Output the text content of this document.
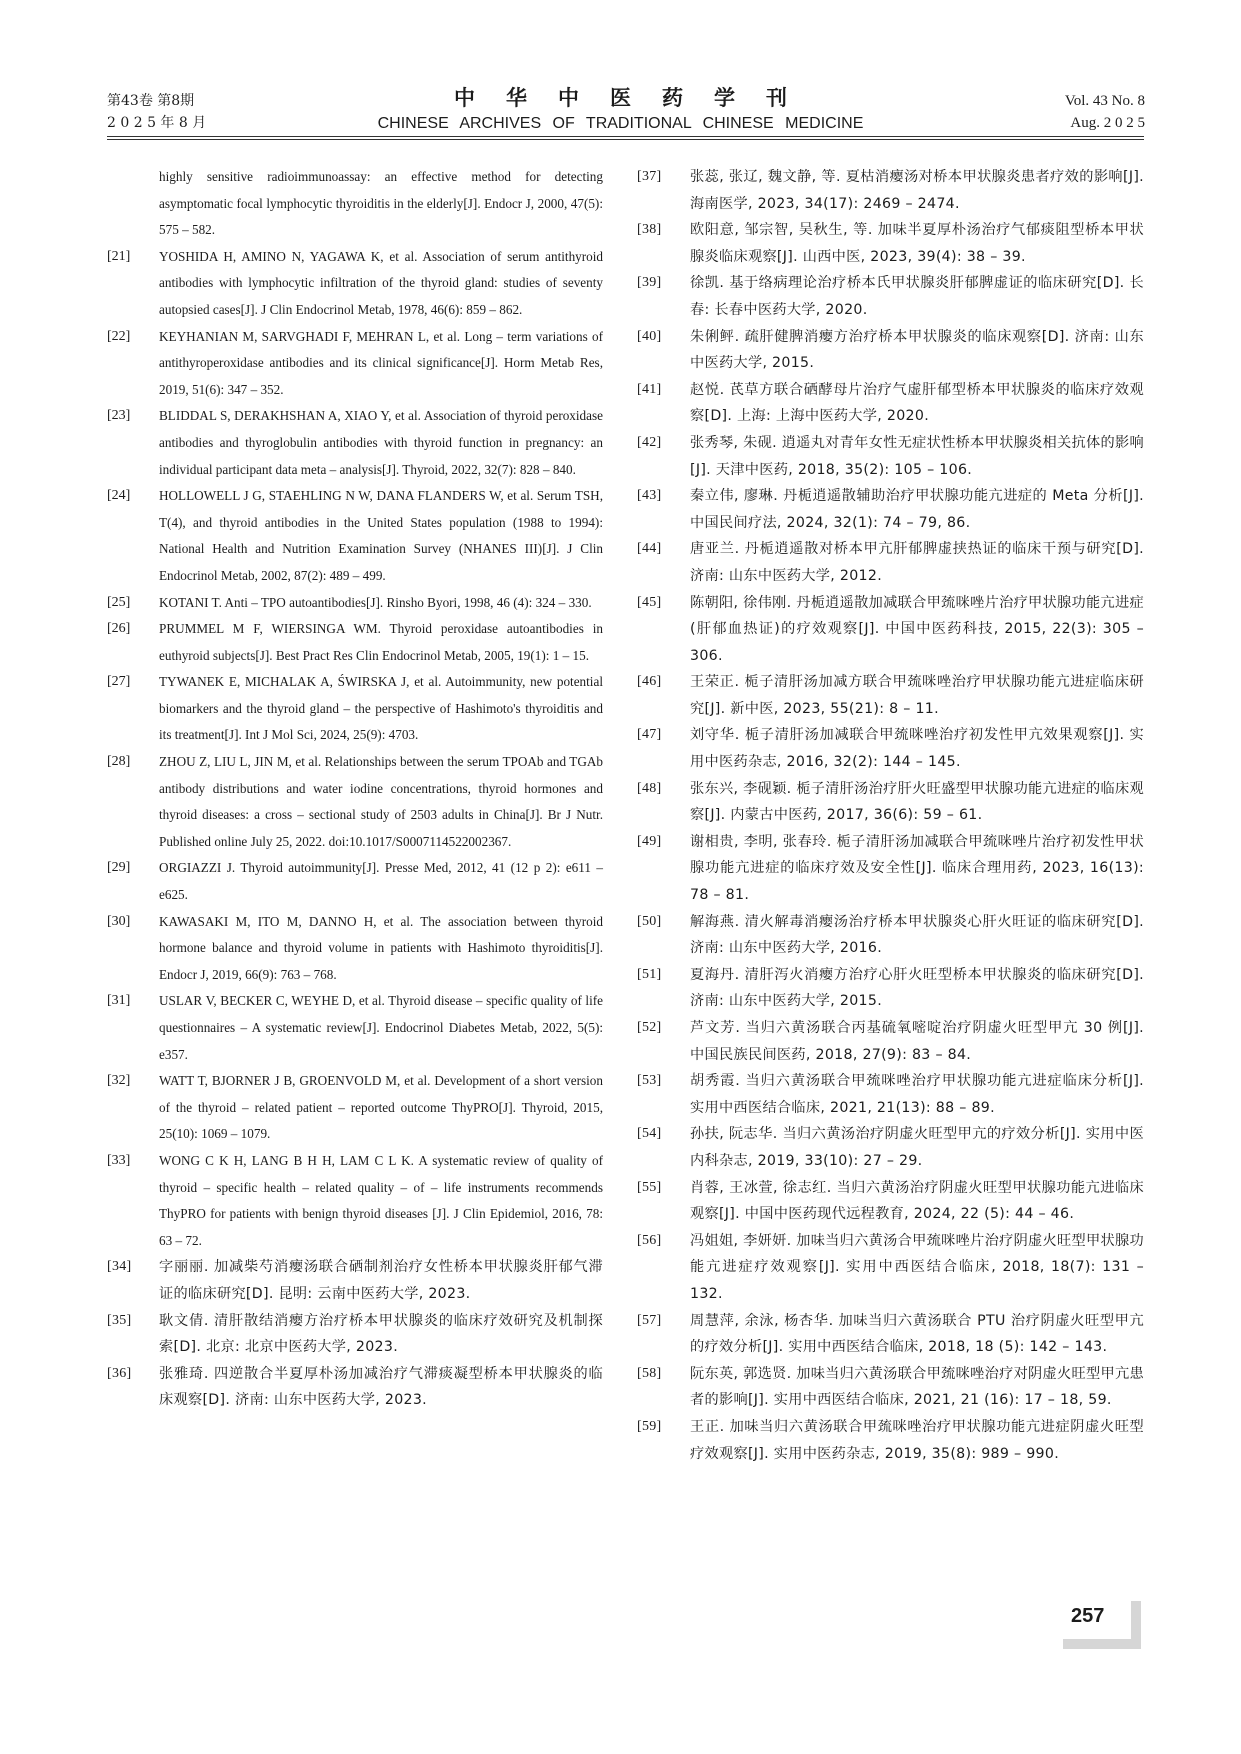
第43卷 第8期
2 0 2 5 年 8 月
中华中医药学刊
CHINESE ARCHIVES OF TRADITIONAL CHINESE MEDICINE
Vol. 43 No. 8
Aug. 2 0 2 5
highly sensitive radioimmunoassay: an effective method for detecting asymptomatic focal lymphocytic thyroiditis in the elderly[J]. Endocr J, 2000, 47(5): 575 – 582.
[21] YOSHIDA H, AMINO N, YAGAWA K, et al. Association of serum antithyroid antibodies with lymphocytic infiltration of the thyroid gland: studies of seventy autopsied cases[J]. J Clin Endocrinol Metab, 1978, 46(6): 859 – 862.
[22] KEYHANIAN M, SARVGHADI F, MEHRAN L, et al. Long – term variations of antithyroperoxidase antibodies and its clinical significance[J]. Horm Metab Res, 2019, 51(6): 347 – 352.
[23] BLIDDAL S, DERAKHSHAN A, XIAO Y, et al. Association of thyroid peroxidase antibodies and thyroglobulin antibodies with thyroid function in pregnancy: an individual participant data meta – analysis[J]. Thyroid, 2022, 32(7): 828 – 840.
[24] HOLLOWELL J G, STAEHLING N W, DANA FLANDERS W, et al. Serum TSH, T(4), and thyroid antibodies in the United States population (1988 to 1994): National Health and Nutrition Examination Survey (NHANES III)[J]. J Clin Endocrinol Metab, 2002, 87(2): 489 – 499.
[25] KOTANI T. Anti – TPO autoantibodies[J]. Rinsho Byori, 1998, 46 (4): 324 – 330.
[26] PRUMMEL M F, WIERSINGA WM. Thyroid peroxidase autoantibodies in euthyroid subjects[J]. Best Pract Res Clin Endocrinol Metab, 2005, 19(1): 1 – 15.
[27] TYWANEK E, MICHALAK A, ŚWIRSKA J, et al. Autoimmunity, new potential biomarkers and the thyroid gland – the perspective of Hashimoto's thyroiditis and its treatment[J]. Int J Mol Sci, 2024, 25(9): 4703.
[28] ZHOU Z, LIU L, JIN M, et al. Relationships between the serum TPOAb and TGAb antibody distributions and water iodine concentrations, thyroid hormones and thyroid diseases: a cross – sectional study of 2503 adults in China[J]. Br J Nutr. Published online July 25, 2022. doi:10.1017/S0007114522002367.
[29] ORGIAZZI J. Thyroid autoimmunity[J]. Presse Med, 2012, 41 (12 p 2): e611 – e625.
[30] KAWASAKI M, ITO M, DANNO H, et al. The association between thyroid hormone balance and thyroid volume in patients with Hashimoto thyroiditis[J]. Endocr J, 2019, 66(9): 763 – 768.
[31] USLAR V, BECKER C, WEYHE D, et al. Thyroid disease – specific quality of life questionnaires – A systematic review[J]. Endocrinol Diabetes Metab, 2022, 5(5): e357.
[32] WATT T, BJORNER J B, GROENVOLD M, et al. Development of a short version of the thyroid – related patient – reported outcome ThyPRO[J]. Thyroid, 2015, 25(10): 1069 – 1079.
[33] WONG C K H, LANG B H H, LAM C L K. A systematic review of quality of thyroid – specific health – related quality – of – life instruments recommends ThyPRO for patients with benign thyroid diseases [J]. J Clin Epidemiol, 2016, 78: 63 – 72.
[34] 字丽丽. 加减柴芍消瘿汤联合硒制剂治疗女性桥本甲状腺炎肝郁气滞证的临床研究[D]. 昆明: 云南中医药大学, 2023.
[35] 耿文倩. 清肝散结消瘿方治疗桥本甲状腺炎的临床疗效研究及机制探索[D]. 北京: 北京中医药大学, 2023.
[36] 张雅琦. 四逆散合半夏厚朴汤加减治疗气滞痰凝型桥本甲状腺炎的临床观察[D]. 济南: 山东中医药大学, 2023.
[37] 张蕊, 张辽, 魏文静, 等. 夏枯消瘿汤对桥本甲状腺炎患者疗效的影响[J]. 海南医学, 2023, 34(17): 2469 – 2474.
[38] 欧阳意, 邹宗智, 吴秋生, 等. 加味半夏厚朴汤治疗气郁痰阻型桥本甲状腺炎临床观察[J]. 山西中医, 2023, 39(4): 38 – 39.
[39] 徐凯. 基于络病理论治疗桥本氏甲状腺炎肝郁脾虚证的临床研究[D]. 长春: 长春中医药大学, 2020.
[40] 朱俐鲆. 疏肝健脾消瘿方治疗桥本甲状腺炎的临床观察[D]. 济南: 山东中医药大学, 2015.
[41] 赵悦. 芪草方联合硒酵母片治疗气虚肝郁型桥本甲状腺炎的临床疗效观察[D]. 上海: 上海中医药大学, 2020.
[42] 张秀琴, 朱砚. 逍遥丸对青年女性无症状性桥本甲状腺炎相关抗体的影响[J]. 天津中医药, 2018, 35(2): 105 – 106.
[43] 秦立伟, 廖琳. 丹栀逍遥散辅助治疗甲状腺功能亢进症的 Meta 分析[J]. 中国民间疗法, 2024, 32(1): 74 – 79, 86.
[44] 唐亚兰. 丹栀逍遥散对桥本甲亢肝郁脾虚挟热证的临床干预与研究[D]. 济南: 山东中医药大学, 2012.
[45] 陈朝阳, 徐伟刚. 丹栀逍遥散加减联合甲巯咪唑片治疗甲状腺功能亢进症(肝郁血热证)的疗效观察[J]. 中国中医药科技, 2015, 22(3): 305 – 306.
[46] 王荣正. 栀子清肝汤加减方联合甲巯咪唑治疗甲状腺功能亢进症临床研究[J]. 新中医, 2023, 55(21): 8 – 11.
[47] 刘守华. 栀子清肝汤加减联合甲巯咪唑治疗初发性甲亢效果观察[J]. 实用中医药杂志, 2016, 32(2): 144 – 145.
[48] 张东兴, 李砚颖. 栀子清肝汤治疗肝火旺盛型甲状腺功能亢进症的临床观察[J]. 内蒙古中医药, 2017, 36(6): 59 – 61.
[49] 谢相贵, 李明, 张春玲. 栀子清肝汤加减联合甲巯咪唑片治疗初发性甲状腺功能亢进症的临床疗效及安全性[J]. 临床合理用药, 2023, 16(13): 78 – 81.
[50] 解海燕. 清火解毒消瘿汤治疗桥本甲状腺炎心肝火旺证的临床研究[D]. 济南: 山东中医药大学, 2016.
[51] 夏海丹. 清肝泻火消瘿方治疗心肝火旺型桥本甲状腺炎的临床研究[D]. 济南: 山东中医药大学, 2015.
[52] 芦文芳. 当归六黄汤联合丙基硫氧嘧啶治疗阴虚火旺型甲亢 30 例[J]. 中国民族民间医药, 2018, 27(9): 83 – 84.
[53] 胡秀霞. 当归六黄汤联合甲巯咪唑治疗甲状腺功能亢进症临床分析[J]. 实用中西医结合临床, 2021, 21(13): 88 – 89.
[54] 孙扶, 阮志华. 当归六黄汤治疗阴虚火旺型甲亢的疗效分析[J]. 实用中医内科杂志, 2019, 33(10): 27 – 29.
[55] 肖蓉, 王冰萱, 徐志红. 当归六黄汤治疗阴虚火旺型甲状腺功能亢进临床观察[J]. 中国中医药现代远程教育, 2024, 22 (5): 44 – 46.
[56] 冯姐姐, 李妍妍. 加味当归六黄汤合甲巯咪唑片治疗阴虚火旺型甲状腺功能亢进症疗效观察[J]. 实用中西医结合临床, 2018, 18(7): 131 – 132.
[57] 周慧萍, 余泳, 杨杏华. 加味当归六黄汤联合 PTU 治疗阴虚火旺型甲亢的疗效分析[J]. 实用中西医结合临床, 2018, 18 (5): 142 – 143.
[58] 阮东英, 郭选贤. 加味当归六黄汤联合甲巯咪唑治疗对阴虚火旺型甲亢患者的影响[J]. 实用中西医结合临床, 2021, 21 (16): 17 – 18, 59.
[59] 王正. 加味当归六黄汤联合甲巯咪唑治疗甲状腺功能亢进症阴虚火旺型疗效观察[J]. 实用中医药杂志, 2019, 35(8): 989 – 990.
257
